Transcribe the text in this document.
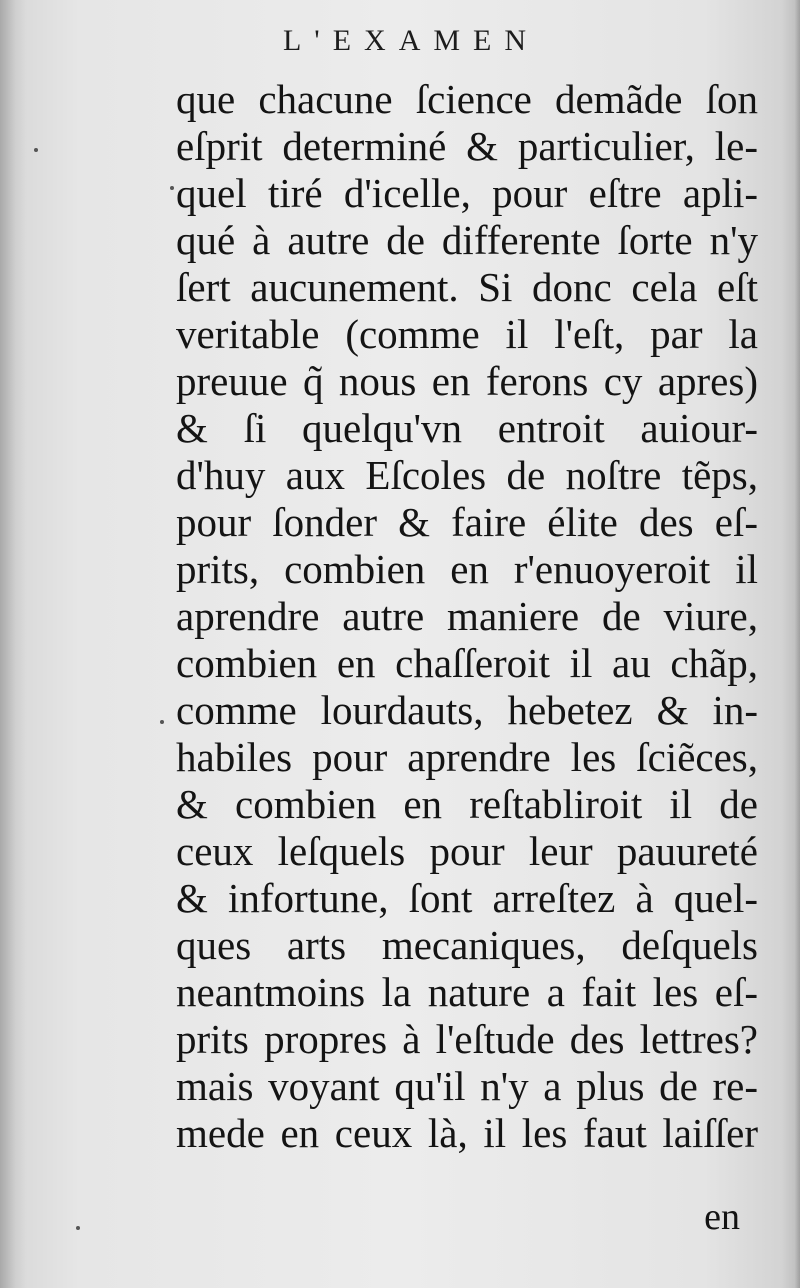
L'EXAMEN
que chacune ſcience demãde ſon
eſprit determiné & particulier, le-
quel tiré d'icelle, pour eſtre apli-
qué à autre de differente ſorte n'y
ſert aucunement. Si donc cela eſt
veritable (comme il l'eſt, par la
preuue q̃ nous en ferons cy apres)
& ſi quelqu'vn entroit auiour-
d'huy aux Eſcoles de noſtre tẽps,
pour ſonder & faire élite des eſ-
prits, combien en r'enuoyeroit il
aprendre autre maniere de viure,
combien en chaſſeroit il au chãp,
comme lourdauts, hebetez & in-
habiles pour aprendre les ſciẽces,
& combien en reſtabliroit il de
ceux leſquels pour leur pauureté
& infortune, ſont arreſtez à quel-
ques arts mecaniques, deſquels
neantmoins la nature a fait les eſ-
prits propres à l'eſtude des lettres?
mais voyant qu'il n'y a plus de re-
mede en ceux là, il les faut laiſſer
en
